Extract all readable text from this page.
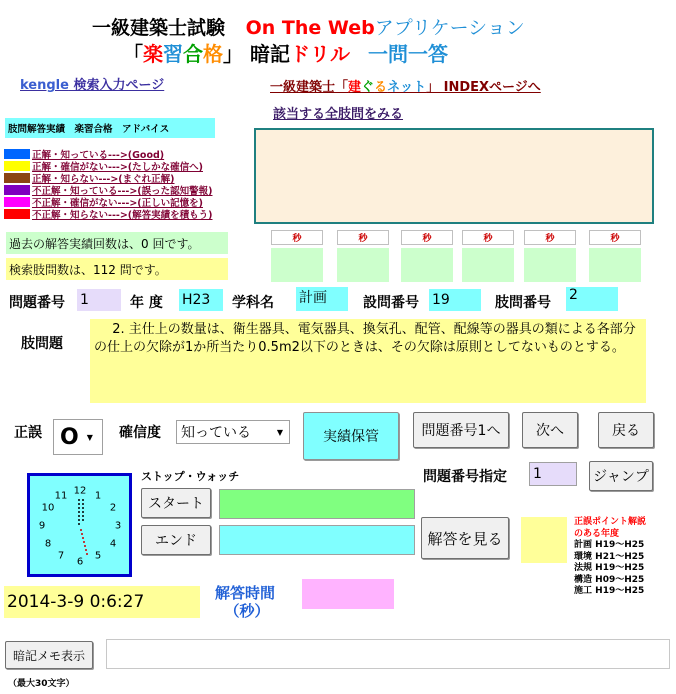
一級建築士試験 On The Webアプリケーション
「楽習合格」 暗記ドリル 一問一答
kengle 検索入力ページ	一級建築士「建ぐるネット」 INDEXページへ
該当する全肢問をみる
肢問解答実績　楽習合格　アドバイス
正解・知っている--->(Good)
正解・確信がない--->(たしかな確信へ)
正解・知らない--->(まぐれ正解)
不正解・知っている--->(誤った認知警報)
不正解・確信がない--->(正しい記憶を)
不正解・知らない--->(解答実績を積もう)
過去の解答実績回数は、0 回です。
検索肢問数は、112 問です。
秒	秒	秒	秒	秒	秒
問題番号 1	年 度 H23	学科名 計画	設問番号 19	肢問番号 2
肢問題
2. 主仕上の数量は、衛生器具、電気器具、換気孔、配管、配線等の器具の類による各部分の仕上の欠除が1か所当たり0.5m2以下のときは、その欠除は原則としてないものとする。
正誤 O ▼ 確信度 知っている	▼	実績保管	問題番号1へ	次へ	戻る
問題番号指定 1	ジャンプ
12 1
2
3
4
5
6
7
8
9
10
11
ストップ・ウォッチ
スタート
エンド	解答を見る
正誤ポイント解説
のある年度
計画 H19～H25
環境 H21～H25
法規 H19～H25
構造 H09～H25
施工 H19～H25
2014-3-9 0:6:27	解答時間
（秒）
暗記メモ表示
（最大30文字）
